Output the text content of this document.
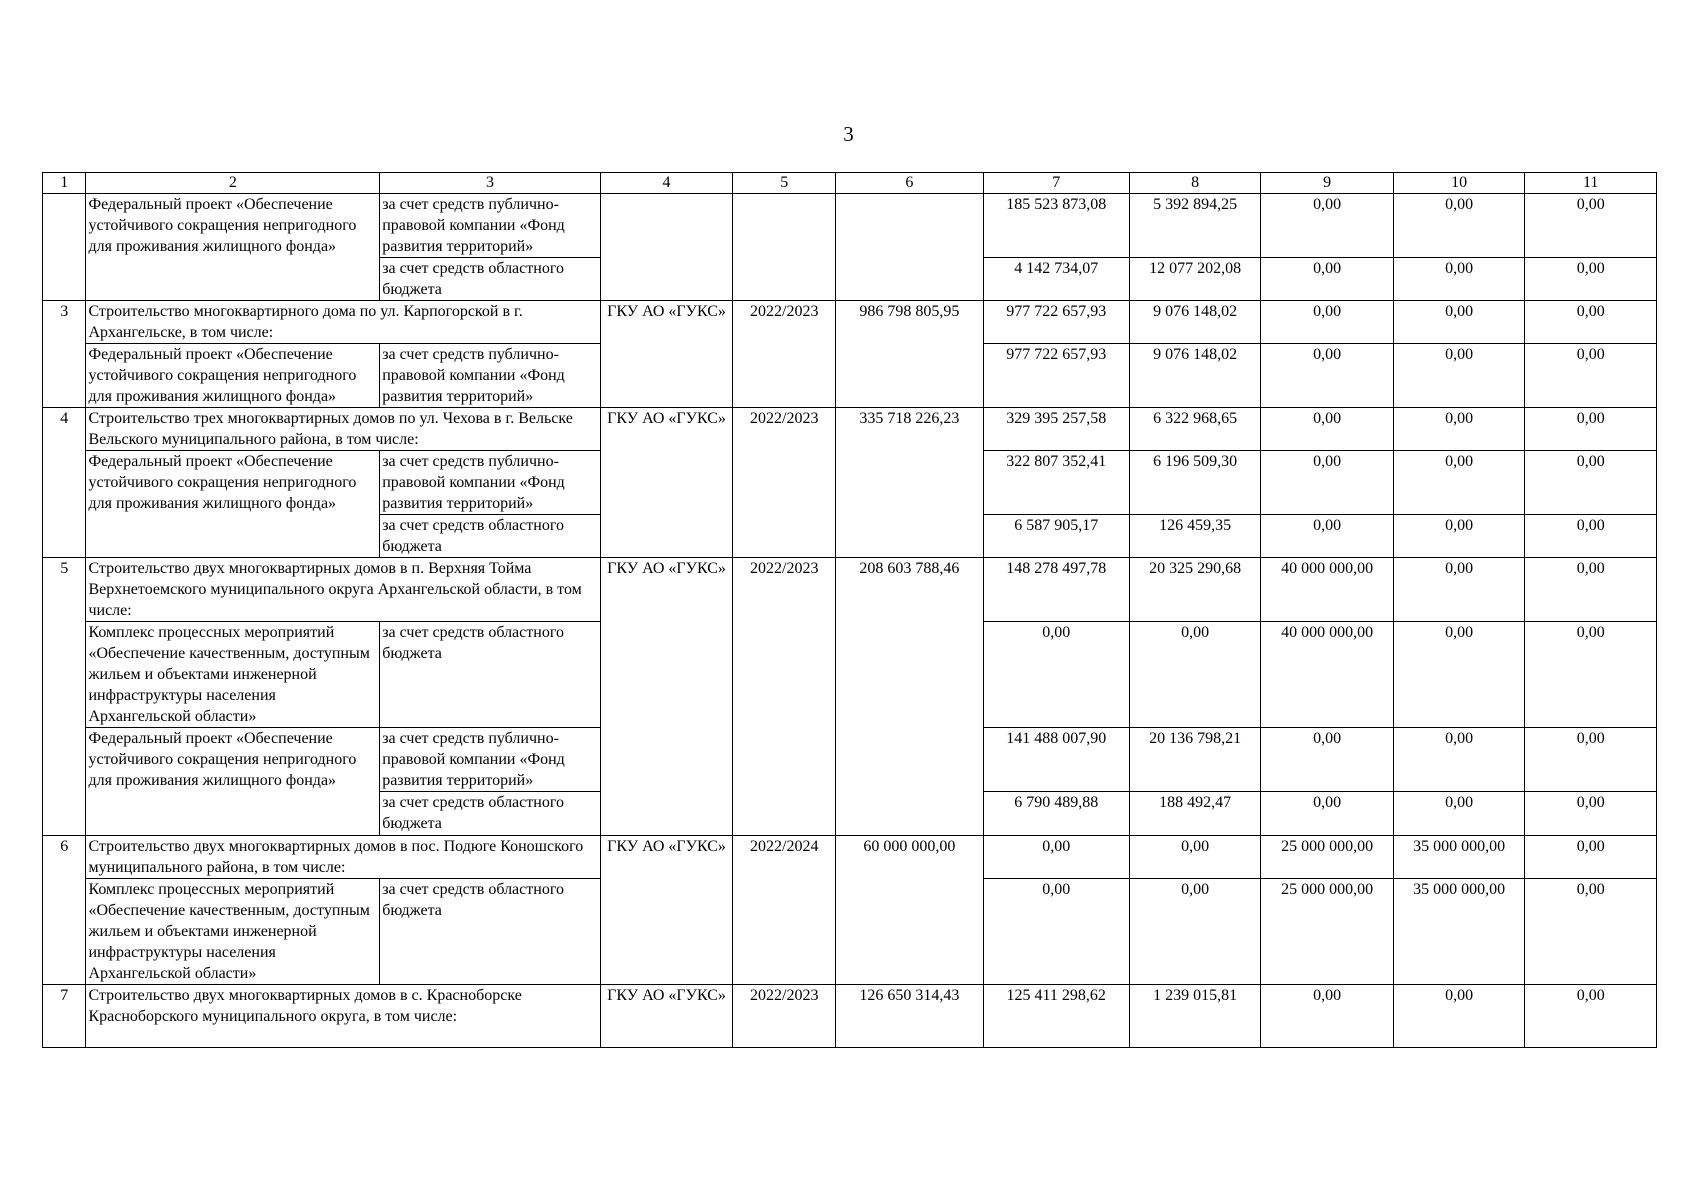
3
1	2	3	4	5	6	7	8	9	10	11
	Федеральный проект «Обеспечение устойчивого сокращения непригодного для проживания жилищного фонда»	за счет средств публично-правовой компании «Фонд развития территорий»				185 523 873,08	5 392 894,25	0,00	0,00	0,00
		за счет средств областного бюджета				4 142 734,07	12 077 202,08	0,00	0,00	0,00
3	Строительство многоквартирного дома по ул. Карпогорской в г. Архангельске, в том числе:		ГКУ АО «ГУКС»	2022/2023	986 798 805,95	977 722 657,93	9 076 148,02	0,00	0,00	0,00
	Федеральный проект «Обеспечение устойчивого сокращения непригодного для проживания жилищного фонда»	за счет средств публично-правовой компании «Фонд развития территорий»				977 722 657,93	9 076 148,02	0,00	0,00	0,00
4	Строительство трех многоквартирных домов по ул. Чехова в г. Вельске Вельского муниципального района, в том числе:		ГКУ АО «ГУКС»	2022/2023	335 718 226,23	329 395 257,58	6 322 968,65	0,00	0,00	0,00
	Федеральный проект «Обеспечение устойчивого сокращения непригодного для проживания жилищного фонда»	за счет средств публично-правовой компании «Фонд развития территорий»				322 807 352,41	6 196 509,30	0,00	0,00	0,00
		за счет средств областного бюджета				6 587 905,17	126 459,35	0,00	0,00	0,00
5	Строительство двух многоквартирных домов в п. Верхняя Тойма Верхнетоемского муниципального округа Архангельской области, в том числе:		ГКУ АО «ГУКС»	2022/2023	208 603 788,46	148 278 497,78	20 325 290,68	40 000 000,00	0,00	0,00
	Комплекс процессных мероприятий «Обеспечение качественным, доступным жильем и объектами инженерной инфраструктуры населения Архангельской области»	за счет средств областного бюджета				0,00	0,00	40 000 000,00	0,00	0,00
	Федеральный проект «Обеспечение устойчивого сокращения непригодного для проживания жилищного фонда»	за счет средств публично-правовой компании «Фонд развития территорий»				141 488 007,90	20 136 798,21	0,00	0,00	0,00
		за счет средств областного бюджета				6 790 489,88	188 492,47	0,00	0,00	0,00
6	Строительство двух многоквартирных домов в пос. Подюге Коношского муниципального района, в том числе:		ГКУ АО «ГУКС»	2022/2024	60 000 000,00	0,00	0,00	25 000 000,00	35 000 000,00	0,00
	Комплекс процессных мероприятий «Обеспечение качественным, доступным жильем и объектами инженерной инфраструктуры населения Архангельской области»	за счет средств областного бюджета				0,00	0,00	25 000 000,00	35 000 000,00	0,00
7	Строительство двух многоквартирных домов в с. Красноборске Красноборского муниципального округа, в том числе:		ГКУ АО «ГУКС»	2022/2023	126 650 314,43	125 411 298,62	1 239 015,81	0,00	0,00	0,00
